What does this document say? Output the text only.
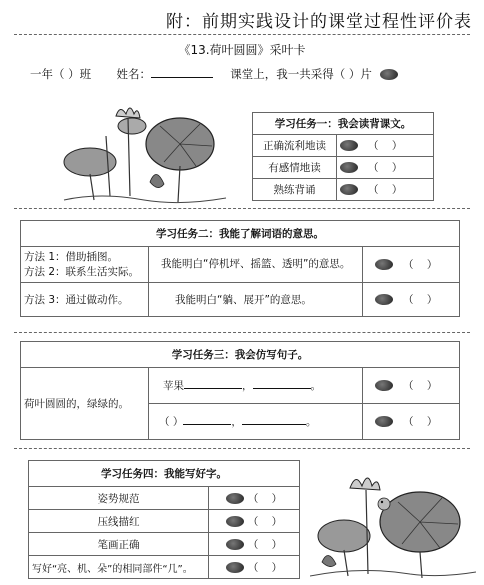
附：前期实践设计的课堂过程性评价表
《13.荷叶圆圆》采叶卡
一年（ ）班 姓名：	课堂上，我一共采得（ ）片
学习任务一：我会读背课文。	
正确流利地读	（    ）
有感情地读	（    ）
熟练背诵	（    ）
学习任务二：我能了解词语的意思。		

方法 1：借助插图。
方法 2：联系生活实际。	我能明白“停机坪、摇篮、透明”的意思。	（    ）
方法 3：通过做动作。	我能明白“躺、展开”的意思。	（    ）
学习任务三：我会仿写句子。		
荷叶圆圆的，绿绿的。	苹果 ， 。	（    ）
	（ ） ， 。	（    ）
学习任务四：我能写好字。	
姿势规范	（    ）
压线描红	（    ）
笔画正确	（    ）
写好“亮、机、朵”的相同部件“几”。	（    ）
